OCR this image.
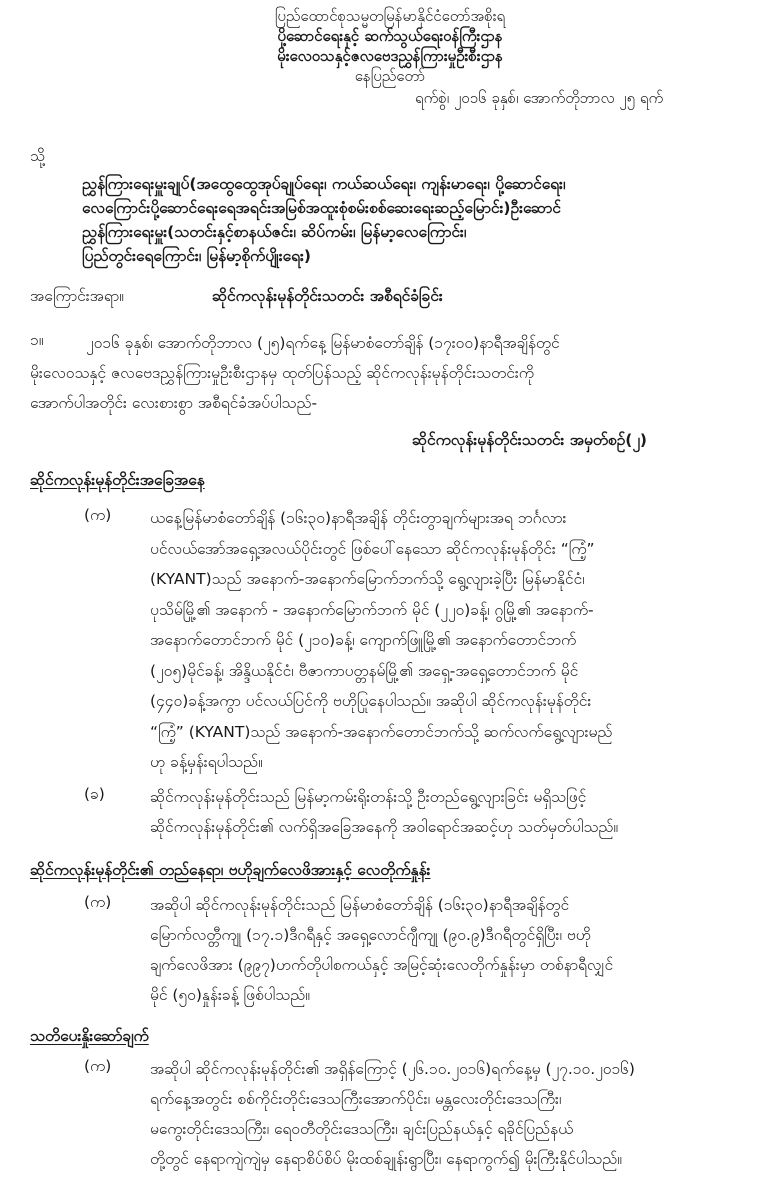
ပြည်ထောင်စုသမ္မတမြန်မာနိုင်ငံတော်အစိုးရ
ပို့ဆောင်ရေးနှင့် ဆက်သွယ်ရေးဝန်ကြီးဌာန
မိုးလေဝသနှင့်ဇလဗေဒညွှန်ကြားမှုဦးစီးဌာန
နေပြည်တော်
ရက်စွဲ၊ ၂၀၁၆ ခုနှစ်၊ အောက်တိုဘာလ ၂၅ ရက်
သို့
ညွှန်ကြားရေးမှူးချုပ်(အထွေထွေအုပ်ချုပ်ရေး၊ ကယ်ဆယ်ရေး၊ ကျန်းမာရေး၊ ပို့ဆောင်ရေး၊
လေကြောင်းပို့ဆောင်ရေးရေအရင်းအမြစ်အထူးစုံစမ်းစစ်ဆေးရေးဆည့်မြောင်း)ဦးဆောင်
ညွှန်ကြားရေးမှူး(သတင်းနှင့်စာနယ်ဇင်း၊ ဆိပ်ကမ်း၊ မြန်မာ့လေကြောင်း၊
ပြည်တွင်းရေကြောင်း၊ မြန်မာ့စိုက်ပျိုးရေး)
အကြောင်းအရာ။	ဆိုင်ကလုန်းမုန်တိုင်းသတင်း အစီရင်ခံခြင်း
၁။	၂၀၁၆ ခုနှစ်၊ အောက်တိုဘာလ (၂၅)ရက်နေ့ မြန်မာစံတော်ချိန် (၁၇း၀၀)နာရီအချိန်တွင်
မိုးလေဝသနှင့် ဇလဗေဒညွှန်ကြားမှုဦးစီးဌာနမှ ထုတ်ပြန်သည့် ဆိုင်ကလုန်းမုန်တိုင်းသတင်းကို
အောက်ပါအတိုင်း လေးစားစွာ အစီရင်ခံအပ်ပါသည်-
ဆိုင်ကလုန်းမုန်တိုင်းသတင်း အမှတ်စဉ်(၂)
ဆိုင်ကလုန်းမုန်တိုင်းအခြေအနေ
(က) ယနေ့မြန်မာစံတော်ချိန် (၁၆း၃၀)နာရီအချိန် တိုင်းတွာချက်များအရ ဘင်္ဂလား
ပင်လယ်အော်အရှေ့အလယ်ပိုင်းတွင် ဖြစ်ပေါ်နေသော ဆိုင်ကလုန်းမုန်တိုင်း “ကြံ့”
(KYANT)သည် အနောက်-အနောက်မြောက်ဘက်သို့ ရွေ့လျားခဲ့ပြီး မြန်မာနိုင်ငံ၊
ပုသိမ်မြို့၏ အနောက် - အနောက်မြောက်ဘက် မိုင် (၂၂၀)ခန့်၊ ဂွမြို့၏ အနောက်-
အနောက်တောင်ဘက် မိုင် (၂၁၀)ခန့်၊ ကျောက်ဖြူမြို့၏ အနောက်တောင်ဘက်
(၂၀၅)မိုင်ခန့်၊ အိန္ဒိယနိုင်ငံ၊ ဗီဇာကာပတ္တနမ်မြို့၏ အရှေ့-အရှေ့တောင်ဘက် မိုင်
(၄၄၀)ခန့်အကွာ ပင်လယ်ပြင်ကို ဗဟိုပြုနေပါသည်။ အဆိုပါ ဆိုင်ကလုန်းမုန်တိုင်း
“ကြံ့” (KYANT)သည် အနောက်-အနောက်တောင်ဘက်သို့ ဆက်လက်ရွေ့လျားမည်
ဟု ခန့်မှန်းရပါသည်။
(ခ)	ဆိုင်ကလုန်းမုန်တိုင်းသည် မြန်မာ့ကမ်းရိုးတန်းသို့ ဦးတည်ရွေ့လျားခြင်း မရှိသဖြင့်
ဆိုင်ကလုန်းမုန်တိုင်း၏ လက်ရှိအခြေအနေကို အဝါရောင်အဆင့်ဟု သတ်မှတ်ပါသည်။
ဆိုင်ကလုန်းမုန်တိုင်း၏ တည်နေရာ၊ ဗဟိုချက်လေဖိအားနှင့် လေတိုက်နှုန်း
(က) အဆိုပါ ဆိုင်ကလုန်းမုန်တိုင်းသည် မြန်မာစံတော်ချိန် (၁၆း၃၀)နာရီအချိန်တွင်
မြောက်လတ္တီကျု (၁၇.၁)ဒီဂရီနှင့် အရှေ့လောင်ဂျီကျု (၉၀.၉)ဒီဂရီတွင်ရှိပြီး၊ ဗဟို
ချက်လေဖိအား (၉၉၇)ဟက်တိုပါစကယ်နှင့် အမြင့်ဆုံးလေတိုက်နှုန်းမှာ တစ်နာရီလျှင်
မိုင် (၅၀)နှုန်းခန့် ဖြစ်ပါသည်။
သတိပေးနှိုးဆော်ချက်
(က) အဆိုပါ ဆိုင်ကလုန်းမုန်တိုင်း၏ အရှိန်ကြောင့် (၂၆.၁၀.၂၀၁၆)ရက်နေ့မှ (၂၇.၁၀.၂၀၁၆)
ရက်နေ့အတွင်း စစ်ကိုင်းတိုင်းဒေသကြီးအောက်ပိုင်း၊ မန္တလေးတိုင်းဒေသကြီး၊
မကွေးတိုင်းဒေသကြီး၊ ရေဝတီတိုင်းဒေသကြီး၊ ချင်းပြည်နယ်နှင့် ရခိုင်ပြည်နယ်
တို့တွင် နေရာကျဲကျဲမှ နေရာစိပ်စိပ် မိုးထစ်ချုန်းရွာပြီး၊ နေရာကွက်၍ မိုးကြီးနိုင်ပါသည်။
